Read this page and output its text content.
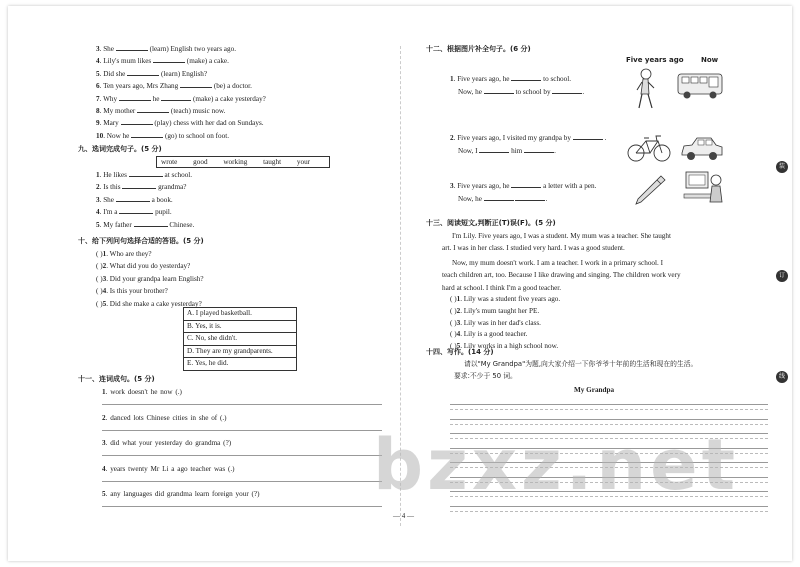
3. She	(learn) English two years ago.
4. Lily's mum likes	(make) a cake.
5. Did she	(learn) English?
6. Ten years ago, Mrs Zhang	(be) a doctor.
7. Why	he	(make) a cake yesterday?
8. My mother	(teach) music now.
9. Mary	(play) chess with her dad on Sundays.
10. Now he	(go) to school on foot.
九、选词完成句子。(5 分)
wrote good working taught your
1. He likes	at school.
2. Is this	grandma?
3. She	a book.
4. I'm a	pupil.
5. My father	Chinese.
十、给下列问句选择合适的答语。(5 分)
( )1. Who are they?
( )2. What did you do yesterday?
( )3. Did your grandpa learn English?
( )4. Is this your brother?
( )5. Did she make a cake yesterday?
A. I played basketball.
B. Yes, it is.
C. No, she didn't.
D. They are my grandparents.
E. Yes, he did.
十一、连词成句。(5 分)
1. work doesn't he now (.)
2. danced lots Chinese cities in she of (.)
3. did what your yesterday do grandma (?)
4. years twenty Mr Li a ago teacher was (.)
5. any languages did grandma learn foreign your (?)
— 4 —
十二、根据图片补全句子。(6 分)
Five years ago Now
1. Five years ago, he	to school.
Now, he	to school by	.
2. Five years ago, I visited my grandpa by	.
Now, I	him	.
3. Five years ago, he	a letter with a pen.
Now, he	.
十三、阅读短文,判断正(T)误(F)。(5 分)
I'm Lily. Five years ago, I was a student. My mum was a teacher. She taught
art. I was in her class. I studied very hard. I was a good student.
Now, my mum doesn't work. I am a teacher. I work in a primary school. I
teach children art, too. Because I like drawing and singing. The children work very
hard at school. I think I'm a good teacher.
( )1. Lily was a student five years ago.
( )2. Lily's mum taught her PE.
( )3. Lily was in her dad's class.
( )4. Lily is a good teacher.
( )5. Lily works in a high school now.
十四、写作。(14 分)
请以"My Grandpa"为题,向大家介绍一下你爷爷十年前的生活和现在的生活。
要求:不少于 50 词。
My Grandpa
装
订
线
bzxz.net
